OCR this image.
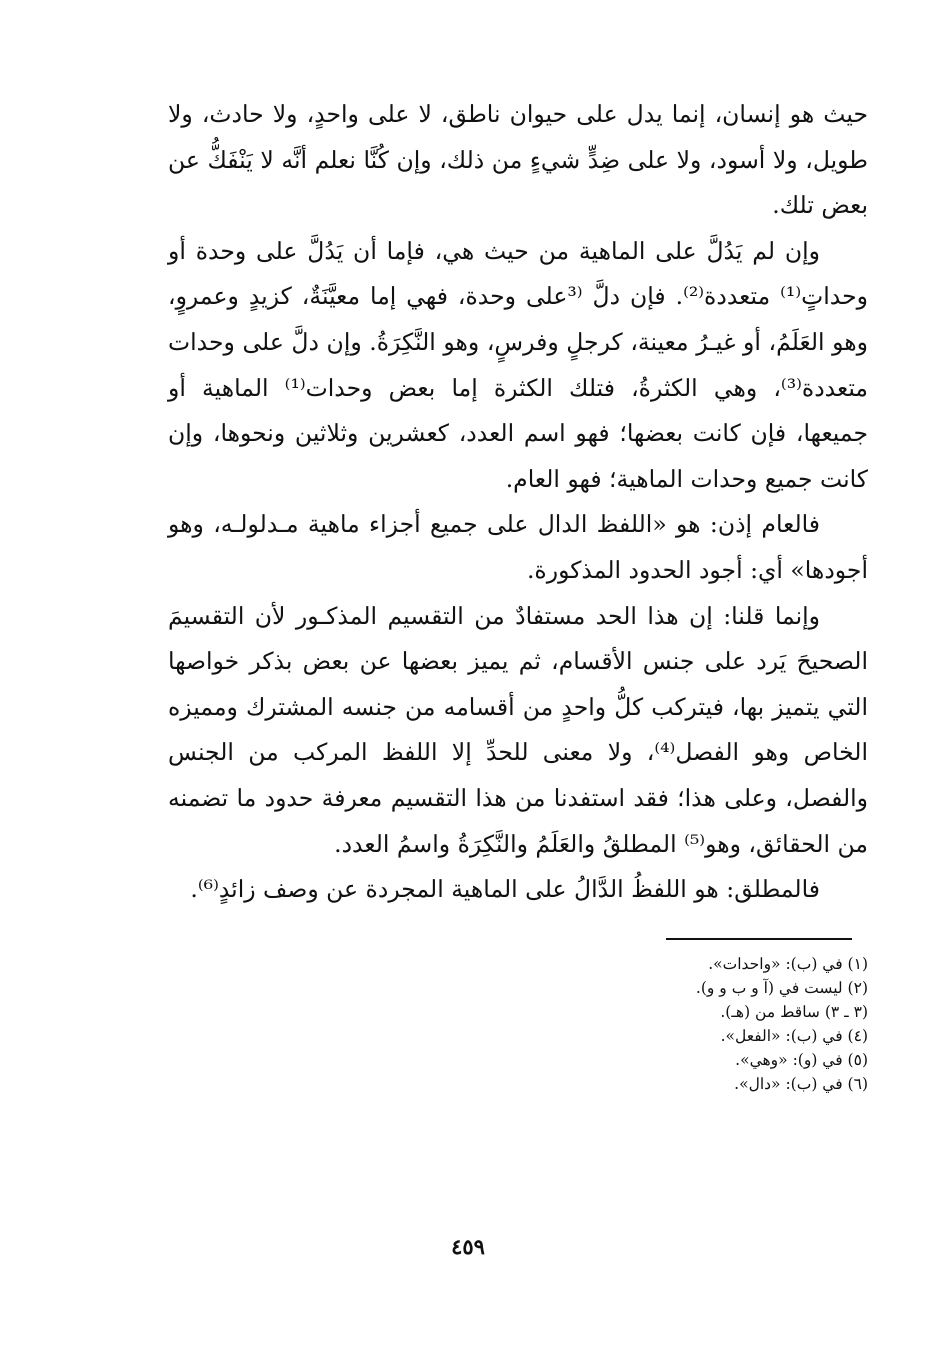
حيث هو إنسان، إنما يدل على حيوان ناطق، لا على واحدٍ، ولا حادث، ولا طويل، ولا أسود، ولا على ضِدٍّ شيءٍ من ذلك، وإن كُنَّا نعلم أنَّه لا يَنْفَكُّ عن بعض تلك.

وإن لم يَدُلَّ على الماهية من حيث هي، فإما أن يَدُلَّ على وحدة أو وحداتٍ⁽¹⁾ متعددة⁽²⁾. فإن دلَّ ⁽³على وحدة، فهي إما معيَّنَةٌ، كزيدٍ وعمروٍ، وهو العَلَمُ، أو غيـرُ معينة، كرجلٍ وفرسٍ، وهو النَّكِرَةُ. وإن دلَّ على وحدات متعددة⁽³⁾، وهي الكثرةُ، فتلك الكثرة إما بعض وحدات⁽¹⁾ الماهية أو جميعها، فإن كانت بعضها؛ فهو اسم العدد، كعشرين وثلاثين ونحوها، وإن كانت جميع وحدات الماهية؛ فهو العام.

فالعام إذن: هو «اللفظ الدال على جميع أجزاء ماهية مـدلولـه، وهو أجودها» أي: أجود الحدود المذكورة.

وإنما قلنا: إن هذا الحد مستفادٌ من التقسيم المذكـور لأن التقسيمَ الصحيحَ يَرد على جنس الأقسام، ثم يميز بعضها عن بعض بذكر خواصها التي يتميز بها، فيتركب كلُّ واحدٍ من أقسامه من جنسه المشترك ومميزه الخاص وهو الفصل⁽⁴⁾، ولا معنى للحدِّ إلا اللفظ المركب من الجنس والفصل، وعلى هذا؛ فقد استفدنا من هذا التقسيم معرفة حدود ما تضمنه من الحقائق، وهو⁽⁵⁾ المطلقُ والعَلَمُ والنَّكِرَةُ واسمُ العدد.

فالمطلق: هو اللفظُ الدَّالُ على الماهية المجردة عن وصف زائدٍ⁽⁶⁾.

(١) في (ب): «واحدات».

(٢) ليست في (آ و ب و و).

(٣ ـ ٣) ساقط من (هـ).

(٤) في (ب): «الفعل».

(٥) في (و): «وهي».

(٦) في (ب): «دال».

٤٥٩
